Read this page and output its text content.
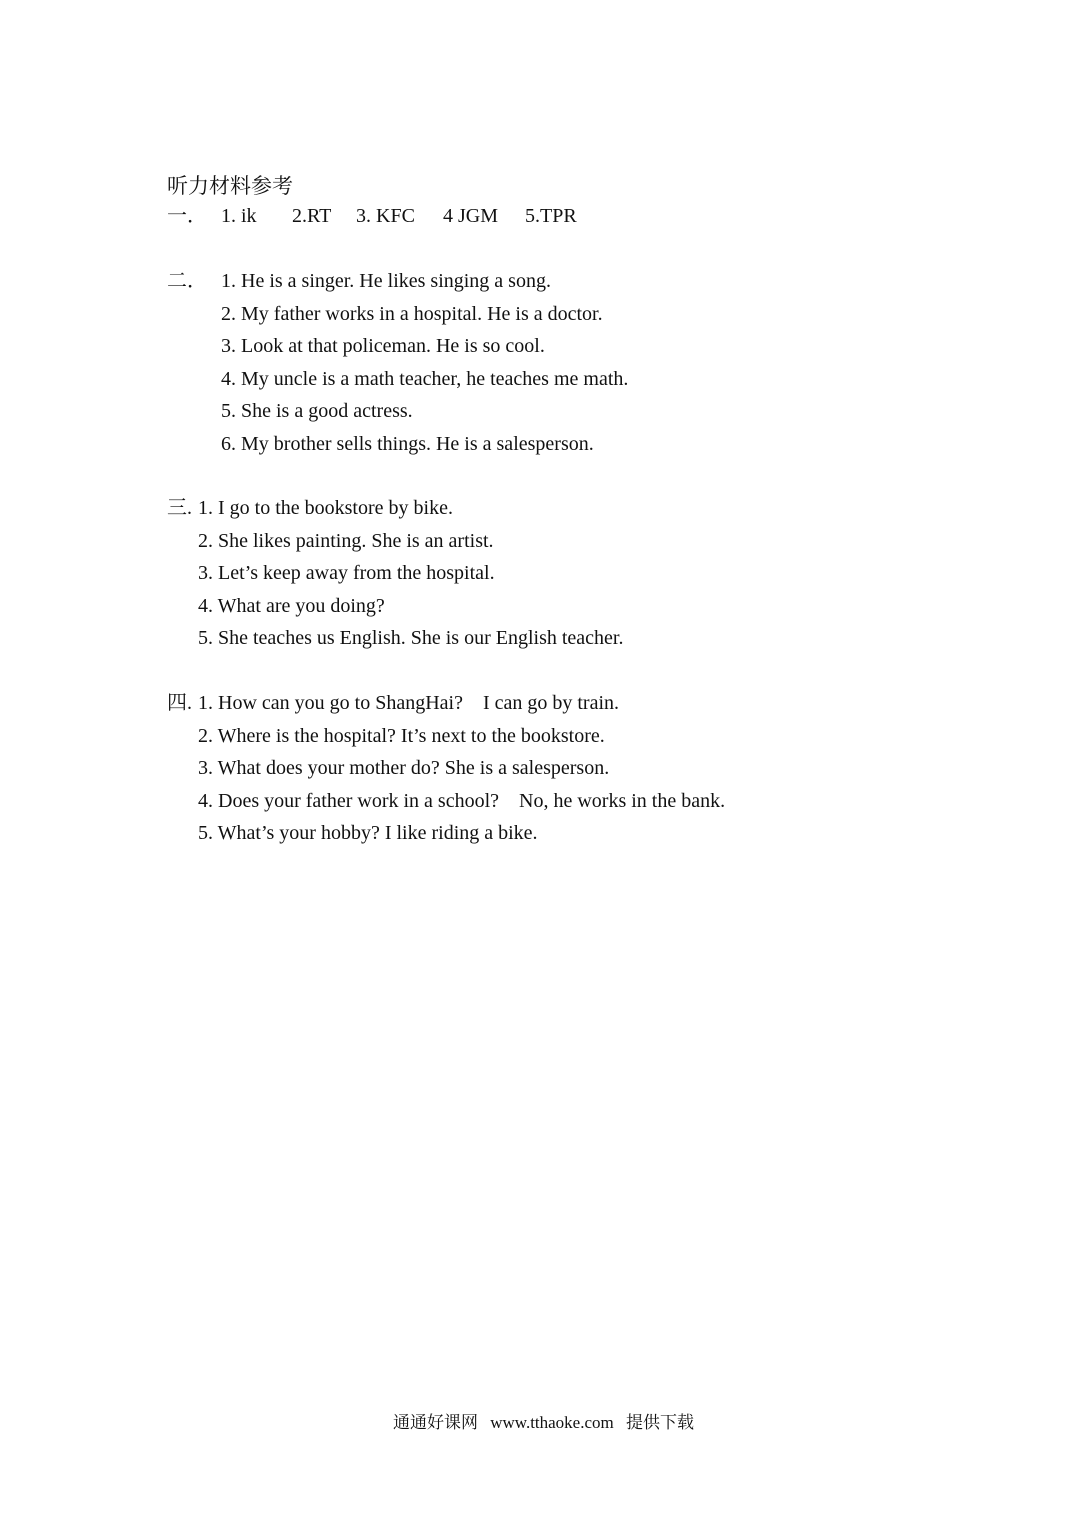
听力材料参考
一． 1. ik 2.RT 3. KFC 4 JGM 5.TPR
二． 1. He is a singer. He likes singing a song.
2. My father works in a hospital. He is a doctor.
3. Look at that policeman. He is so cool.
4. My uncle is a math teacher, he teaches me math.
5. She is a good actress.
6. My brother sells things. He is a salesperson.
三. 1. I go to the bookstore by bike.
2. She likes painting. She is an artist.
3. Let’s keep away from the hospital.
4. What are you doing?
5. She teaches us English. She is our English teacher.
四. 1. How can you go to ShangHai?    I can go by train.
2. Where is the hospital? It’s next to the bookstore.
3. What does your mother do? She is a salesperson.
4. Does your father work in a school?    No, he works in the bank.
5. What’s your hobby? I like riding a bike.
通通好课网 www.tthaoke.com 提供下载
